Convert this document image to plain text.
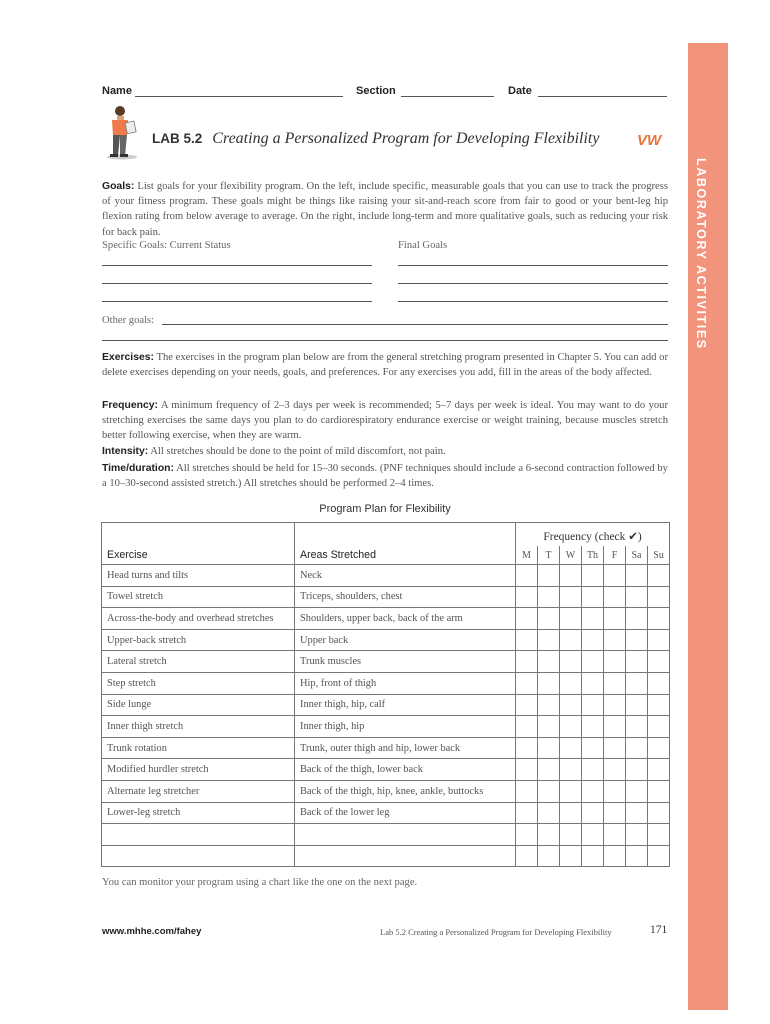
LABORATORY ACTIVITIES
Name	Section	Date
LAB 5.2 Creating a Personalized Program for Developing Flexibility	VW

Goals: List goals for your flexibility program. On the left, include specific, measurable goals that you can use to track the progress of your fitness program. These goals might be things like raising your sit-and-reach score from fair to good or your bent-leg hip flexion rating from below average to average. On the right, include long-term and more qualitative goals, such as reducing your risk for back pain.

Specific Goals: Current Status	Final Goals
Other goals:

Exercises: The exercises in the program plan below are from the general stretching program presented in Chapter 5. You can add or delete exercises depending on your needs, goals, and preferences. For any exercises you add, fill in the areas of the body affected.

Frequency: A minimum frequency of 2–3 days per week is recommended; 5–7 days per week is ideal. You may want to do your stretching exercises the same days you plan to do cardiorespiratory endurance exercise or weight training, because muscles stretch better following exercise, when they are warm.

Intensity: All stretches should be done to the point of mild discomfort, not pain.

Time/duration: All stretches should be held for 15–30 seconds. (PNF techniques should include a 6-second contraction followed by a 10–30-second assisted stretch.) All stretches should be performed 2–4 times.

Program Plan for Flexibility
Exercise	Areas Stretched	Frequency (check ✔)						
		M	T	W	Th	F	Sa	Su
Head turns and tilts	Neck							
Towel stretch	Triceps, shoulders, chest							
Across-the-body and overhead stretches	Shoulders, upper back, back of the arm							
Upper-back stretch	Upper back							
Lateral stretch	Trunk muscles							
Step stretch	Hip, front of thigh							
Side lunge	Inner thigh, hip, calf							
Inner thigh stretch	Inner thigh, hip							
Trunk rotation	Trunk, outer thigh and hip, lower back							
Modified hurdler stretch	Back of the thigh, lower back							
Alternate leg stretcher	Back of the thigh, hip, knee, ankle, buttocks							
Lower-leg stretch	Back of the lower leg							

You can monitor your program using a chart like the one on the next page.
www.mhhe.com/fahey	Lab 5.2 Creating a Personalized Program for Developing Flexibility	171
